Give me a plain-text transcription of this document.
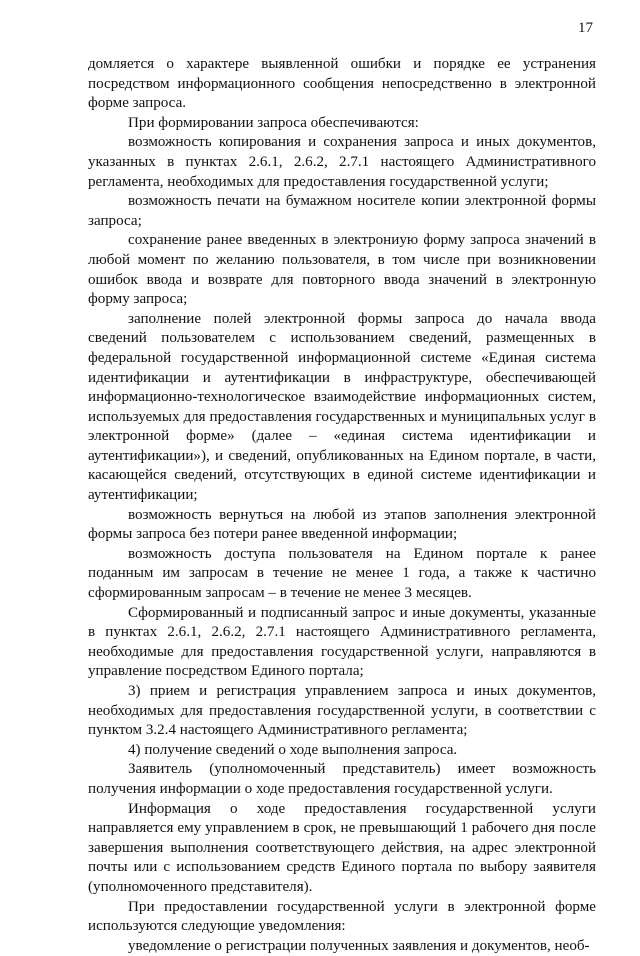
17

домляется о характере выявленной ошибки и порядке ее устранения посредством информационного сообщения непосредственно в электронной форме запроса.

При формировании запроса обеспечиваются:

возможность копирования и сохранения запроса и иных документов, указанных в пунктах 2.6.1, 2.6.2, 2.7.1 настоящего Административного регламента, необходимых для предоставления государственной услуги;

возможность печати на бумажном носителе копии электронной формы запроса;

сохранение ранее введенных в электрониую форму запроса значений в любой момент по желанию пользователя, в том числе при возникновении ошибок ввода и возврате для повторного ввода значений в электронную форму запроса;

заполнение полей электронной формы запроса до начала ввода сведений пользователем с использованием сведений, размещенных в федеральной государственной информационной системе «Единая система идентификации и аутентификации в инфраструктуре, обеспечивающей информационно-технологическое взаимодействие информационных систем, используемых для предоставления государственных и муниципальных услуг в электронной форме» (далее – «единая система идентификации и аутентификации»), и сведений, опубликованных на Едином портале, в части, касающейся сведений, отсутствующих в единой системе идентификации и аутентификации;

возможность вернуться на любой из этапов заполнения электронной формы запроса без потери ранее введенной информации;

возможность доступа пользователя на Едином портале к ранее поданным им запросам в течение не менее 1 года, а также к частично сформированным запросам – в течение не менее 3 месяцев.

Сформированный и подписанный запрос и иные документы, указанные в пунктах 2.6.1, 2.6.2, 2.7.1 настоящего Административного регламента, необходимые для предоставления государственной услуги, направляются в управление посредством Единого портала;

3) прием и регистрация управлением запроса и иных документов, необходимых для предоставления государственной услуги, в соответствии с пунктом 3.2.4 настоящего Административного регламента;

4) получение сведений о ходе выполнения запроса.

Заявитель (уполномоченный представитель) имеет возможность получения информации о ходе предоставления государственной услуги.

Информация о ходе предоставления государственной услуги направляется ему управлением в срок, не превышающий 1 рабочего дня после завершения выполнения соответствующего действия, на адрес электронной почты или с использованием средств Единого портала по выбору заявителя (уполномоченного представителя).

При предоставлении государственной услуги в электронной форме используются следующие уведомления:

уведомление о регистрации полученных заявления и документов, необ-
